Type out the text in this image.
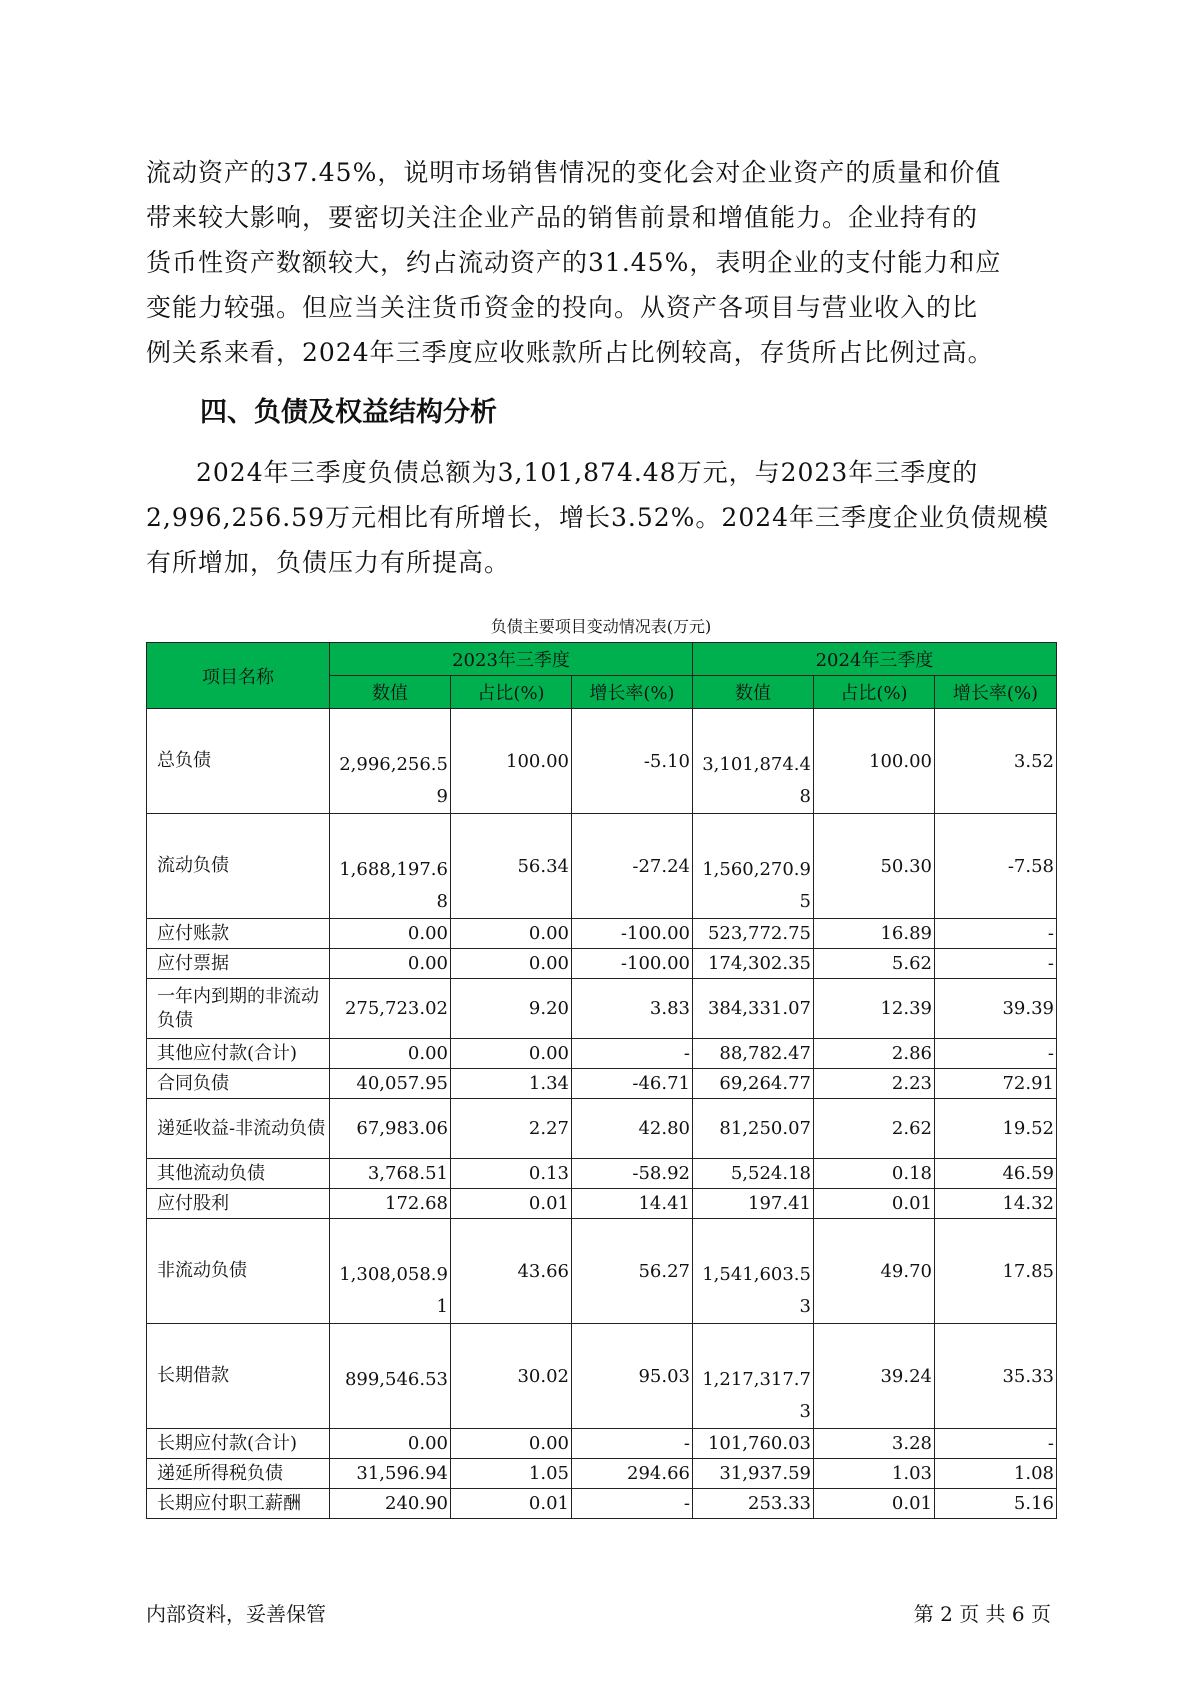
流动资产的37.45%，说明市场销售情况的变化会对企业资产的质量和价值
带来较大影响，要密切关注企业产品的销售前景和增值能力。企业持有的
货币性资产数额较大，约占流动资产的31.45%，表明企业的支付能力和应
变能力较强。但应当关注货币资金的投向。从资产各项目与营业收入的比
例关系来看，2024年三季度应收账款所占比例较高，存货所占比例过高。

四、负债及权益结构分析

2024年三季度负债总额为3,101,874.48万元，与2023年三季度的
2,996,256.59万元相比有所增长，增长3.52%。2024年三季度企业负债规模
有所增加，负债压力有所提高。

负债主要项目变动情况表(万元)
项目名称	2023年三季度			2024年三季度		
	数值	占比(%)	增长率(%)	数值	占比(%)	增长率(%)
总负债	2,996,256.59	100.00	-5.10	3,101,874.48	100.00	3.52
流动负债	1,688,197.68	56.34	-27.24	1,560,270.95	50.30	-7.58
应付账款	0.00	0.00	-100.00	523,772.75	16.89	-
应付票据	0.00	0.00	-100.00	174,302.35	5.62	-
一年内到期的非流动负债	275,723.02	9.20	3.83	384,331.07	12.39	39.39
其他应付款(合计)	0.00	0.00	-	88,782.47	2.86	-
合同负债	40,057.95	1.34	-46.71	69,264.77	2.23	72.91
递延收益-非流动负债	67,983.06	2.27	42.80	81,250.07	2.62	19.52
其他流动负债	3,768.51	0.13	-58.92	5,524.18	0.18	46.59
应付股利	172.68	0.01	14.41	197.41	0.01	14.32
非流动负债	1,308,058.91	43.66	56.27	1,541,603.53	49.70	17.85
长期借款	899,546.53	30.02	95.03	1,217,317.73	39.24	35.33
长期应付款(合计)	0.00	0.00	-	101,760.03	3.28	-
递延所得税负债	31,596.94	1.05	294.66	31,937.59	1.03	1.08
长期应付职工薪酬	240.90	0.01	-	253.33	0.01	5.16
内部资料，妥善保管	第 2 页 共 6 页
